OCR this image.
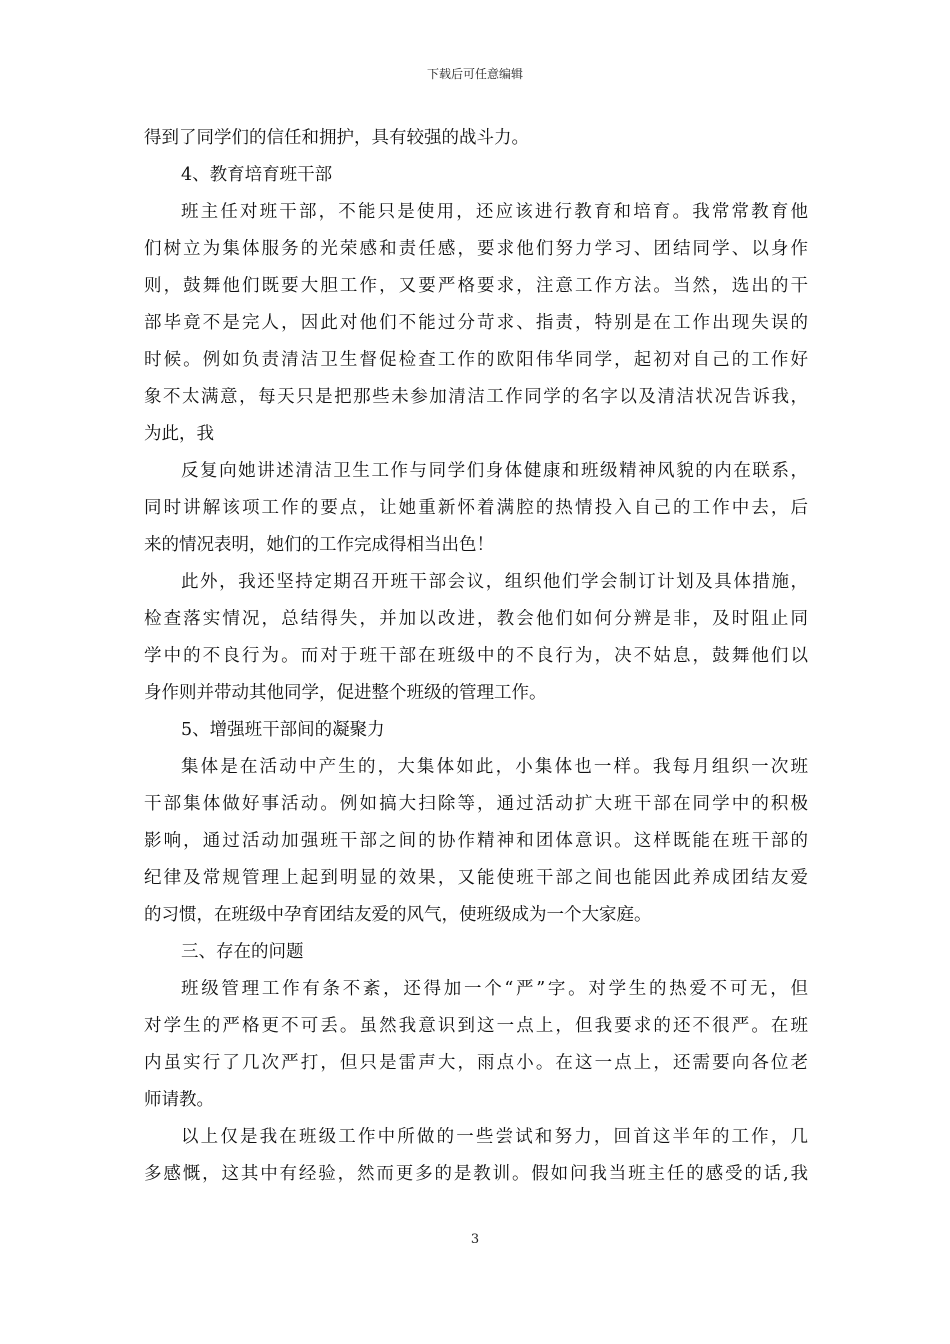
下载后可任意编辑
得到了同学们的信任和拥护，具有较强的战斗力。
4、教育培育班干部
班主任对班干部，不能只是使用，还应该进行教育和培育。我常常教育他
们树立为集体服务的光荣感和责任感，要求他们努力学习、团结同学、以身作
则，鼓舞他们既要大胆工作，又要严格要求，注意工作方法。当然，选出的干
部毕竟不是完人，因此对他们不能过分苛求、指责，特别是在工作出现失误的
时候。例如负责清洁卫生督促检查工作的欧阳伟华同学，起初对自己的工作好
象不太满意，每天只是把那些未参加清洁工作同学的名字以及清洁状况告诉我，
为此，我
反复向她讲述清洁卫生工作与同学们身体健康和班级精神风貌的内在联系，
同时讲解该项工作的要点，让她重新怀着满腔的热情投入自己的工作中去，后
来的情况表明，她们的工作完成得相当出色！
此外，我还坚持定期召开班干部会议，组织他们学会制订计划及具体措施，
检查落实情况，总结得失，并加以改进，教会他们如何分辨是非，及时阻止同
学中的不良行为。而对于班干部在班级中的不良行为，决不姑息，鼓舞他们以
身作则并带动其他同学，促进整个班级的管理工作。
5、增强班干部间的凝聚力
集体是在活动中产生的，大集体如此，小集体也一样。我每月组织一次班
干部集体做好事活动。例如搞大扫除等，通过活动扩大班干部在同学中的积极
影响，通过活动加强班干部之间的协作精神和团体意识。这样既能在班干部的
纪律及常规管理上起到明显的效果，又能使班干部之间也能因此养成团结友爱
的习惯，在班级中孕育团结友爱的风气，使班级成为一个大家庭。
三、存在的问题
班级管理工作有条不紊，还得加一个“严”字。对学生的热爱不可无，但
对学生的严格更不可丢。虽然我意识到这一点上，但我要求的还不很严。在班
内虽实行了几次严打，但只是雷声大，雨点小。在这一点上，还需要向各位老
师请教。
以上仅是我在班级工作中所做的一些尝试和努力，回首这半年的工作，几
多感慨，这其中有经验，然而更多的是教训。假如问我当班主任的感受的话,我
3
